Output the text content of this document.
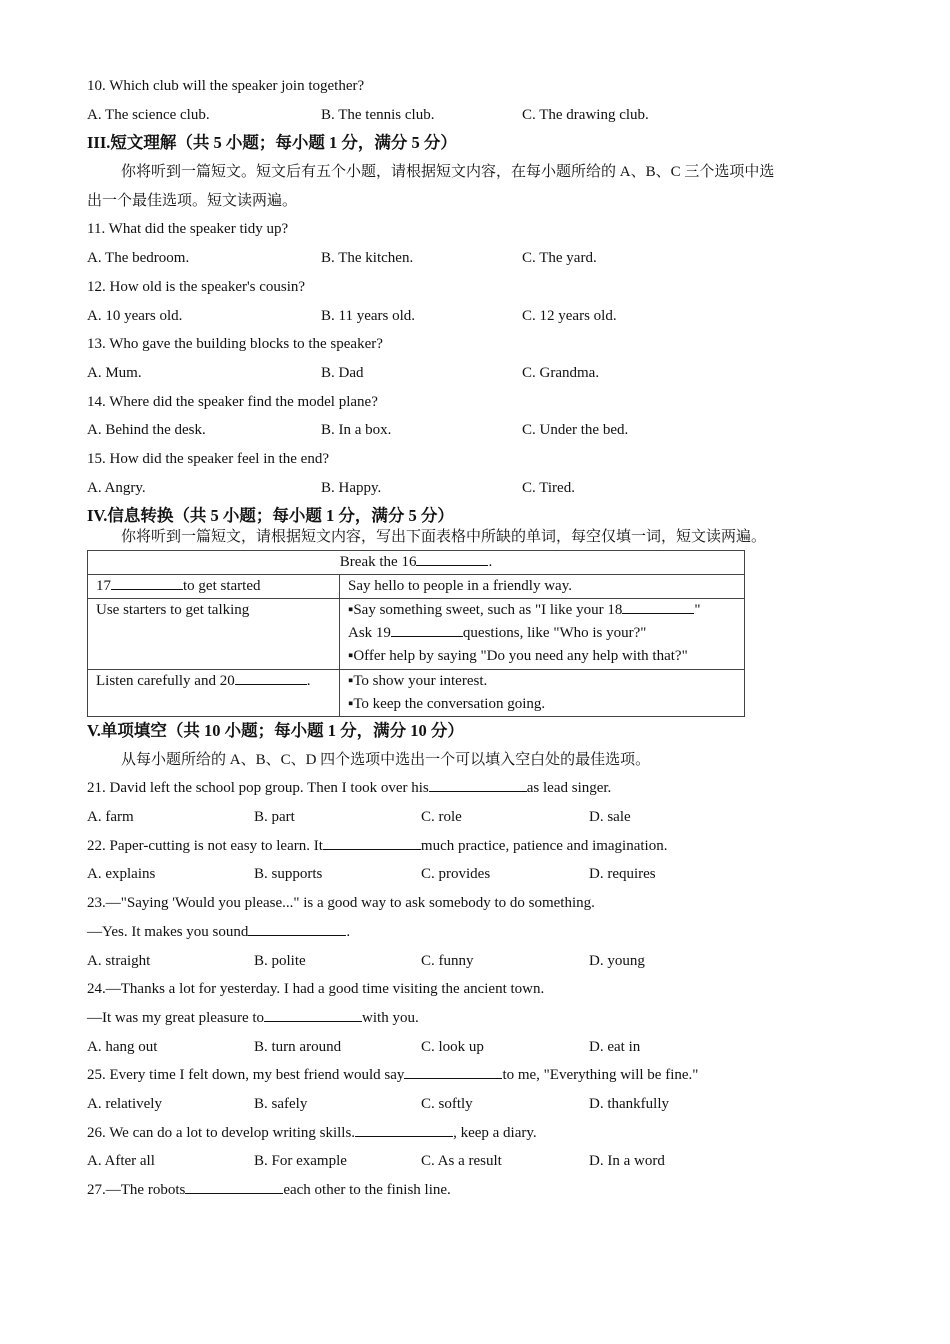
10. Which club will the speaker join together?
A. The science club.	B. The tennis club.	C. The drawing club.
III.短文理解（共 5 小题；每小题 1 分，满分 5 分）
你将听到一篇短文。短文后有五个小题，请根据短文内容，在每小题所给的 A、B、C 三个选项中选
出一个最佳选项。短文读两遍。
11. What did the speaker tidy up?
A. The bedroom.	B. The kitchen.	C. The yard.
12. How old is the speaker's cousin?
A. 10 years old.	B. 11 years old.	C. 12 years old.
13. Who gave the building blocks to the speaker?
A. Mum.	B. Dad	C. Grandma.
14. Where did the speaker find the model plane?
A. Behind the desk.	B. In a box.	C. Under the bed.
15. How did the speaker feel in the end?
A. Angry.	B. Happy.	C. Tired.
IV.信息转换（共 5 小题；每小题 1 分，满分 5 分）
你将听到一篇短文，请根据短文内容，写出下面表格中所缺的单词，每空仅填一词，短文读两遍。
Break the 16 .	
17 to get started	Say hello to people in a friendly way.
Use starters to get talking	▪Say something sweet, such as "I like your 18 "
Ask 19 questions, like "Who is your?"
▪Offer help by saying "Do you need any help with that?"

Listen carefully and 20 .	▪To show your interest.
▪To keep the conversation going.
V.单项填空（共 10 小题；每小题 1 分，满分 10 分）
从每小题所给的 A、B、C、D 四个选项中选出一个可以填入空白处的最佳选项。
21. David left the school pop group. Then I took over his	as lead singer.
A. farm	B. part	C. role	D. sale
22. Paper-cutting is not easy to learn. It	much practice, patience and imagination.
A. explains	B. supports	C. provides	D. requires
23.—"Saying 'Would you please..." is a good way to ask somebody to do something.
—Yes. It makes you sound	.
A. straight	B. polite	C. funny	D. young
24.—Thanks a lot for yesterday. I had a good time visiting the ancient town.
—It was my great pleasure to	with you.
A. hang out	B. turn around	C. look up	D. eat in
25. Every time I felt down, my best friend would say	to me, "Everything will be fine."
A. relatively	B. safely	C. softly	D. thankfully
26. We can do a lot to develop writing skills.	, keep a diary.
A. After all	B. For example	C. As a result	D. In a word
27.—The robots	each other to the finish line.
